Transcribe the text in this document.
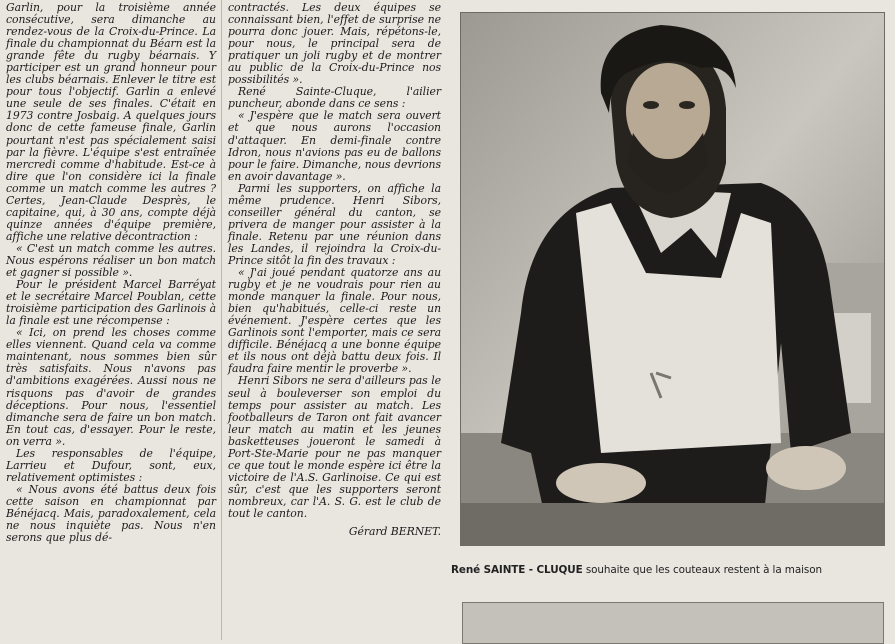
Garlin, pour la troisième année consécutive, sera dimanche au rendez-vous de la Croix-du-Prince. La finale du championnat du Béarn est la grande fête du rugby béarnais. Y participer est un grand honneur pour les clubs béarnais. Enlever le titre est pour tous l'objectif. Garlin a enlevé une seule de ses finales. C'était en 1973 contre Josbaig. A quelques jours donc de cette fameuse finale, Garlin pourtant n'est pas spécialement saisi par la fièvre. L'équipe s'est entraînée mercredi comme d'habitude. Est-ce à dire que l'on considère ici la finale comme un match comme les autres ? Certes, Jean-Claude Desprès, le capitaine, qui, à 30 ans, compte déjà quinze années d'équipe première, affiche une relative décontraction :

« C'est un match comme les autres. Nous espérons réaliser un bon match et gagner si possible ».

Pour le président Marcel Barréyat et le secrétaire Marcel Poublan, cette troisième participation des Garlinois à la finale est une récompense :

« Ici, on prend les choses comme elles viennent. Quand cela va comme maintenant, nous sommes bien sûr très satisfaits. Nous n'avons pas d'ambitions exagérées. Aussi nous ne risquons pas d'avoir de grandes déceptions. Pour nous, l'essentiel dimanche sera de faire un bon match. En tout cas, d'essayer. Pour le reste, on verra ».

Les responsables de l'équipe, Larrieu et Dufour, sont, eux, relativement optimistes :

« Nous avons été battus deux fois cette saison en championnat par Bénéjacq. Mais, paradoxalement, cela ne nous inquiète pas. Nous n'en serons que plus dé-

contractés. Les deux équipes se connaissant bien, l'effet de surprise ne pourra donc jouer. Mais, répétons-le, pour nous, le principal sera de pratiquer un joli rugby et de montrer au public de la Croix-du-Prince nos possibilités ».

René Sainte-Cluque, l'ailier puncheur, abonde dans ce sens :

« J'espère que le match sera ouvert et que nous aurons l'occasion d'attaquer. En demi-finale contre Idron, nous n'avions pas eu de ballons pour le faire. Dimanche, nous devrions en avoir davantage ».

Parmi les supporters, on affiche la même prudence. Henri Sibors, conseiller général du canton, se privera de manger pour assister à la finale. Retenu par une réunion dans les Landes, il rejoindra la Croix-du-Prince sitôt la fin des travaux :

« J'ai joué pendant quatorze ans au rugby et je ne voudrais pour rien au monde manquer la finale. Pour nous, bien qu'habitués, celle-ci reste un événement. J'espère certes que les Garlinois sont l'emporter, mais ce sera difficile. Bénéjacq a une bonne équipe et ils nous ont déjà battu deux fois. Il faudra faire mentir le proverbe ».

Henri Sibors ne sera d'ailleurs pas le seul à bouleverser son emploi du temps pour assister au match. Les footballeurs de Taron ont fait avancer leur match au matin et les jeunes basketteuses joueront le samedi à Port-Ste-Marie pour ne pas manquer ce que tout le monde espère ici être la victoire de l'A.S. Garlinoise. Ce qui est sûr, c'est que les supporters seront nombreux, car l'A. S. G. est le club de tout le canton.

Gérard BERNET.

René SAINTE - CLUQUE souhaite que les couteaux restent à la maison
